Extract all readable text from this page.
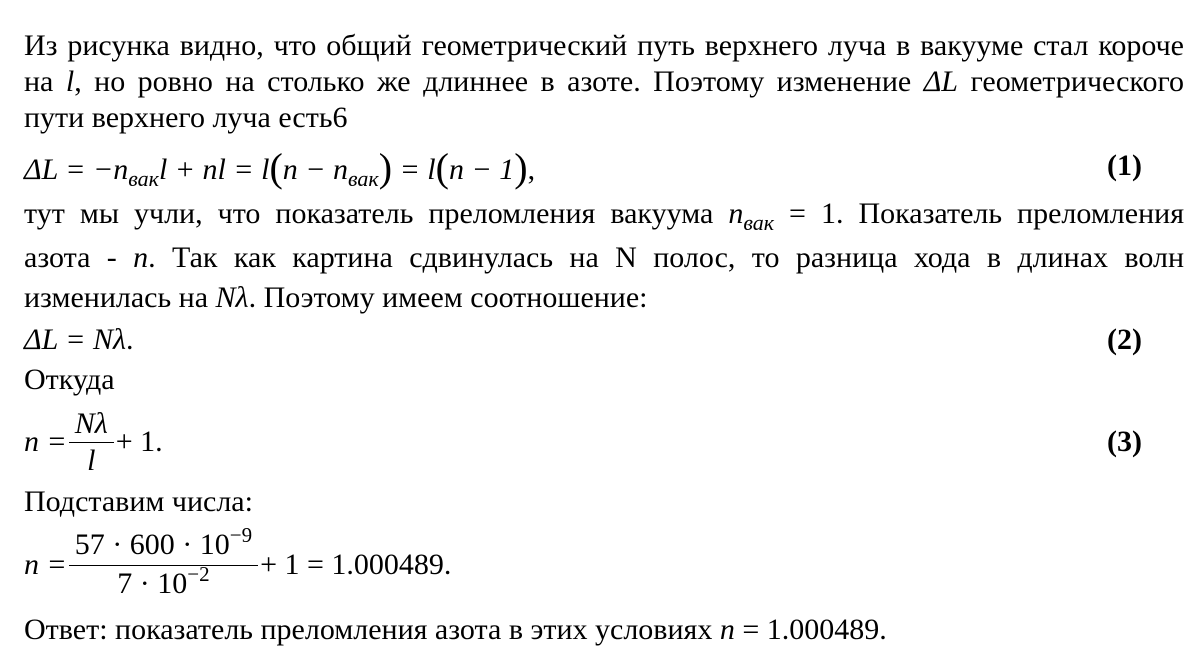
Из рисунка видно, что общий геометрический путь верхнего луча в вакууме стал короче
на l, но ровно на столько же длиннее в азоте. Поэтому изменение ΔL геометрического
пути верхнего луча есть6
$\Delta L = -n_{вак}l$ + nl = $l(n - n_{вак}) = l(n - 1)$,	(1)
тут мы учли, что показатель преломления вакуума $n_{вак} = 1$. Показатель преломления
азота - n. Так как картина сдвинулась на N полос, то разница хода в длинах волн
изменилась на Nλ. Поэтому имеем соотношение:
ΔL = Nλ.	(2)
Откуда
$n = \frac{N\lambda}{l} + 1$.	(3)
Подставим числа:
$n = \frac{57 \cdot 600 \cdot 10^{-9}}{7 \cdot 10^{-2}} + 1 = 1.000489$ .
Ответ: показатель преломления азота в этих условиях n = 1.000489.
